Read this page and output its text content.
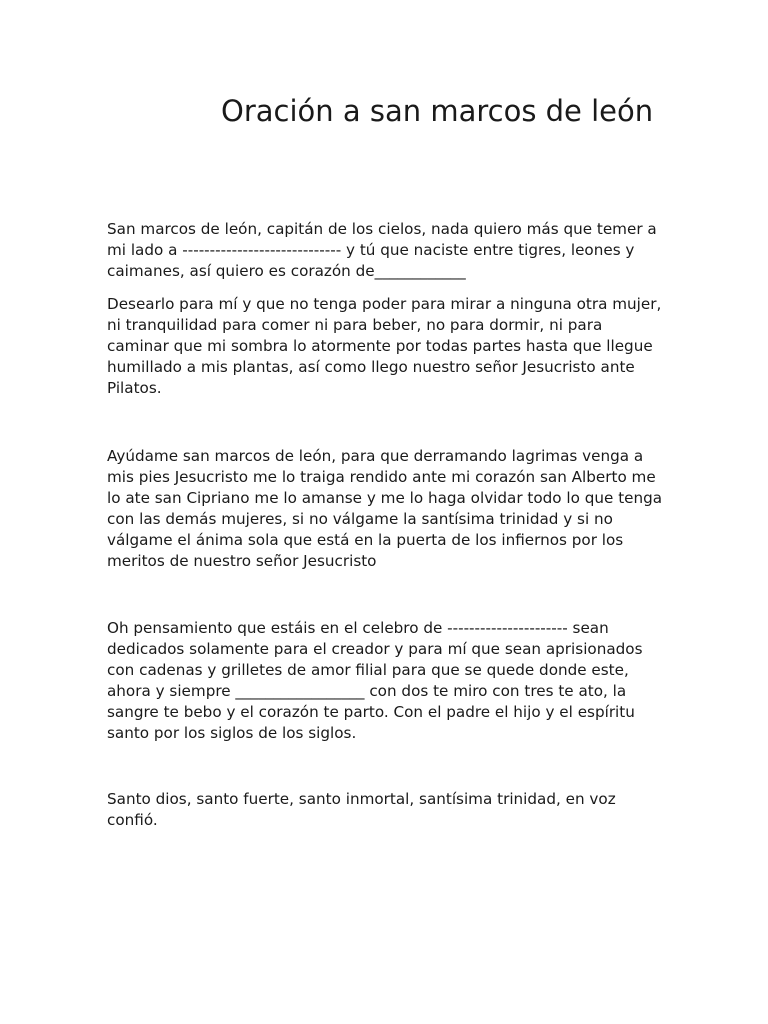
Oración a san marcos de león

San marcos de león, capitán de los cielos, nada quiero más que temer a
mi lado a ----------------------------- y tú que naciste entre tigres, leones y
caimanes, así quiero es corazón de____________

Desearlo para mí y que no tenga poder para mirar a ninguna otra mujer,
ni tranquilidad para comer ni para beber, no para dormir, ni para
caminar que mi sombra lo atormente por todas partes hasta que llegue
humillado a mis plantas, así como llego nuestro señor Jesucristo ante
Pilatos.

Ayúdame san marcos de león, para que derramando lagrimas venga a
mis pies Jesucristo me lo traiga rendido ante mi corazón san Alberto me
lo ate san Cipriano me lo amanse y me lo haga olvidar todo lo que tenga
con las demás mujeres, si no válgame la santísima trinidad y si no
válgame el ánima sola que está en la puerta de los infiernos por los
meritos de nuestro señor Jesucristo

Oh pensamiento que estáis en el celebro de ---------------------- sean
dedicados solamente para el creador y para mí que sean aprisionados
con cadenas y grilletes de amor filial para que se quede donde este,
ahora y siempre _________________ con dos te miro con tres te ato, la
sangre te bebo y el corazón te parto. Con el padre el hijo y el espíritu
santo por los siglos de los siglos.

Santo dios, santo fuerte, santo inmortal, santísima trinidad, en voz
confió.
